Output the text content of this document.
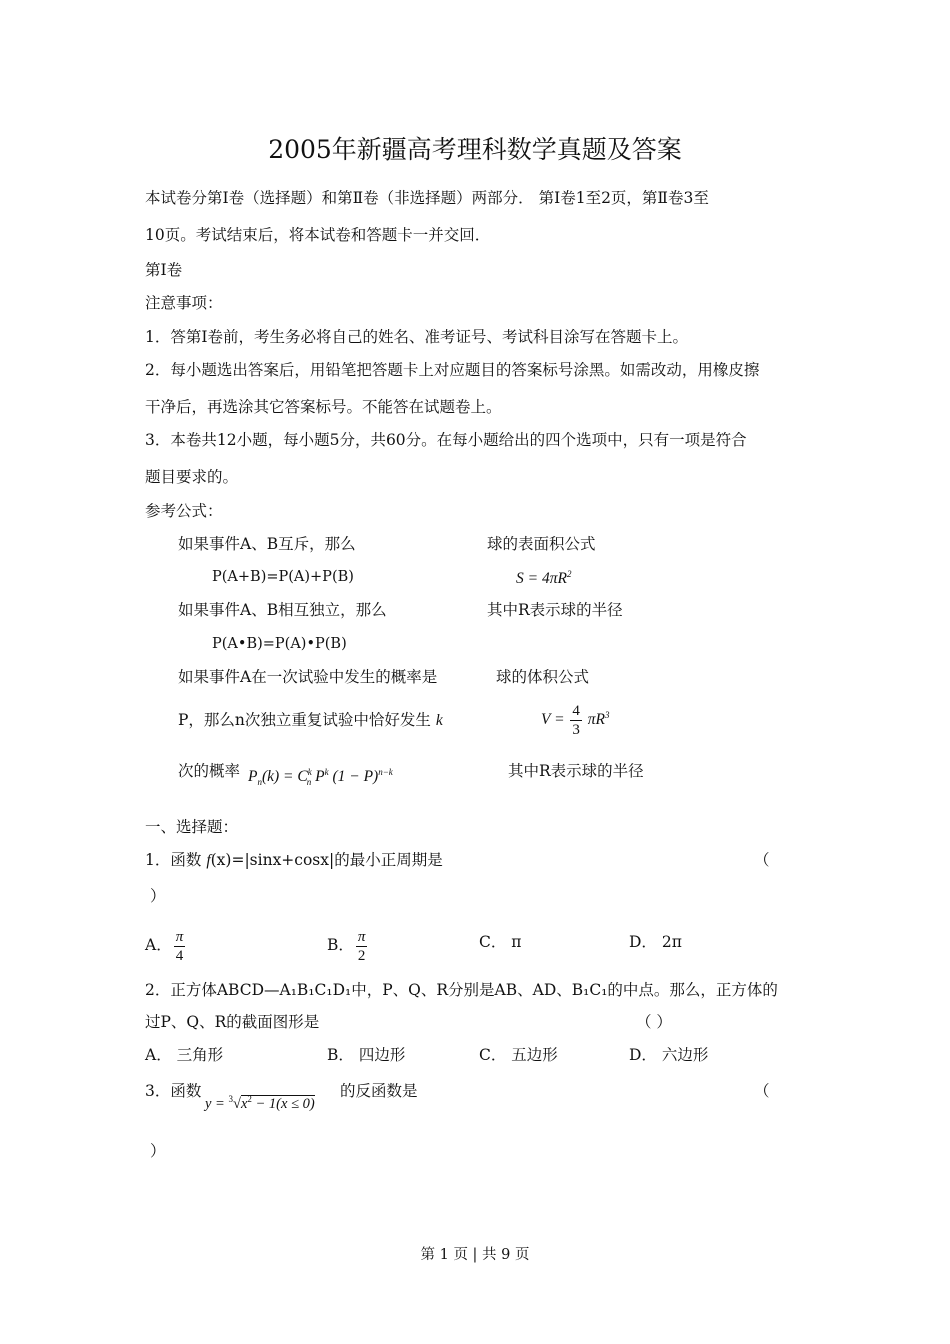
2005年新疆高考理科数学真题及答案
本试卷分第Ⅰ卷（选择题）和第Ⅱ卷（非选择题）两部分． 第Ⅰ卷1至2页，第Ⅱ卷3至
10页。考试结束后，将本试卷和答题卡一并交回．
第Ⅰ卷
注意事项：
1．答第Ⅰ卷前，考生务必将自己的姓名、准考证号、考试科目涂写在答题卡上。
2．每小题选出答案后，用铅笔把答题卡上对应题目的答案标号涂黑。如需改动，用橡皮擦
干净后，再选涂其它答案标号。不能答在试题卷上。
3．本卷共12小题，每小题5分，共60分。在每小题给出的四个选项中，只有一项是符合
题目要求的。
参考公式：
如果事件A、B互斥，那么	球的表面积公式
P(A+B)=P(A)+P(B)	$S = 4\pi R^2$
如果事件A、B相互独立，那么	其中R表示球的半径
P(A•B)=P(A)•P(B)
如果事件A在一次试验中发生的概率是	球的体积公式
P，那么n次独立重复试验中恰好发生 k	$V = \frac{4}{3} \pi R^3$
次的概率 $P_n(k) = C^k_n$ $P^k$ $(1 - P)^{n-k}$	其中R表示球的半径
一、选择题：
1．函数 f(x)=|sinx+cosx|的最小正周期是	（
）
A． $\frac{\pi}{4}$	B． $\frac{\pi}{2}$	C． π	D． 2π
2．正方体ABCD—A₁B₁C₁D₁中，P、Q、R分别是AB、AD、B₁C₁的中点。那么，正方体的
过P、Q、R的截面图形是	（ ）
A． 三角形	B． 四边形	C． 五边形	D． 六边形
3．函数
$y = ^3√x^2 - 1(x \le 0)$
的反函数是	（
）
第 1 页 | 共 9 页
